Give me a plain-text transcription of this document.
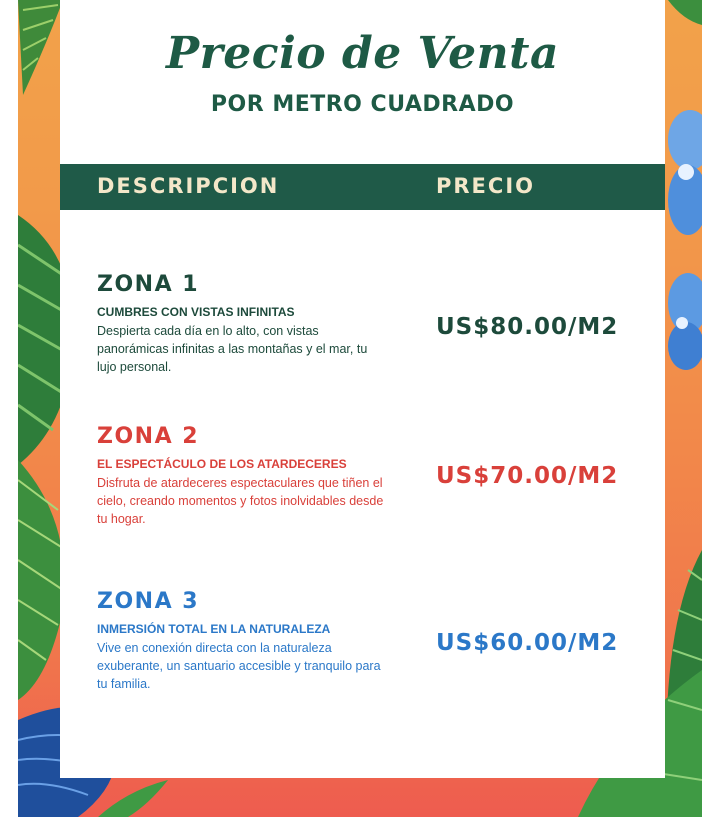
Precio de Venta
POR METRO CUADRADO
DESCRIPCION	PRECIO
ZONA 1
CUMBRES CON VISTAS INFINITAS
Despierta cada día en lo alto, con vistas panorámicas infinitas a las montañas y el mar, tu lujo personal.
US$80.00/M2
ZONA 2
EL ESPECTÁCULO DE LOS ATARDECERES
Disfruta de atardeceres espectaculares que tiñen el cielo, creando momentos y fotos inolvidables desde tu hogar.
US$70.00/M2
ZONA 3
INMERSIÓN TOTAL EN LA NATURALEZA
Vive en conexión directa con la naturaleza exuberante, un santuario accesible y tranquilo para tu familia.
US$60.00/M2
